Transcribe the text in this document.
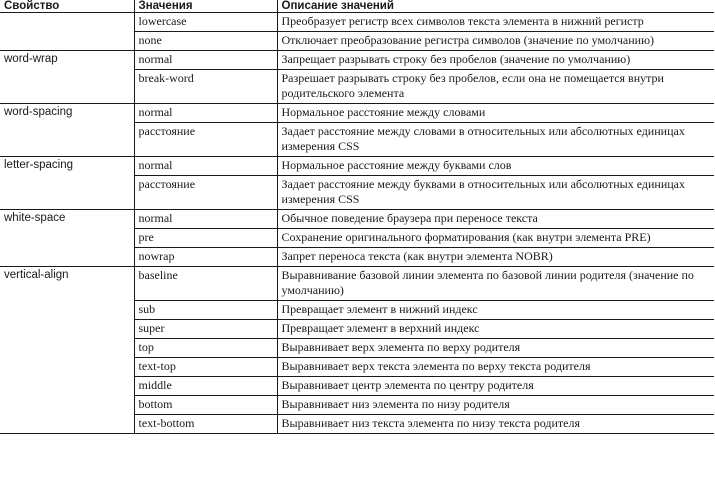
Свойство	Значения	Описание значений
	lowercase	Преобразует регистр всех символов текста элемента в нижний регистр
	none	Отключает преобразование регистра символов (значение по умолчанию)
word-wrap	normal	Запрещает разрывать строку без пробелов (значение по умолчанию)
	break-word	Разрешает разрывать строку без пробелов, если она не помещается внутри родительского элемента
word-spacing	normal	Нормальное расстояние между словами
	расстояние	Задает расстояние между словами в относительных или абсолютных единицах измерения CSS
letter-spacing	normal	Нормальное расстояние между буквами слов
	расстояние	Задает расстояние между буквами в относительных или абсолютных единицах измерения CSS
white-space	normal	Обычное поведение браузера при переносе текста
	pre	Сохранение оригинального форматирования (как внутри элемента PRE)
	nowrap	Запрет переноса текста (как внутри элемента NOBR)
vertical-align	baseline	Выравнивание базовой линии элемента по базовой линии родителя (значение по умолчанию)
	sub	Превращает элемент в нижний индекс
	super	Превращает элемент в верхний индекс
	top	Выравнивает верх элемента по верху родителя
	text-top	Выравнивает верх текста элемента по верху текста родителя
	middle	Выравнивает центр элемента по центру родителя
	bottom	Выравнивает низ элемента по низу родителя
	text-bottom	Выравнивает низ текста элемента по низу текста родителя
